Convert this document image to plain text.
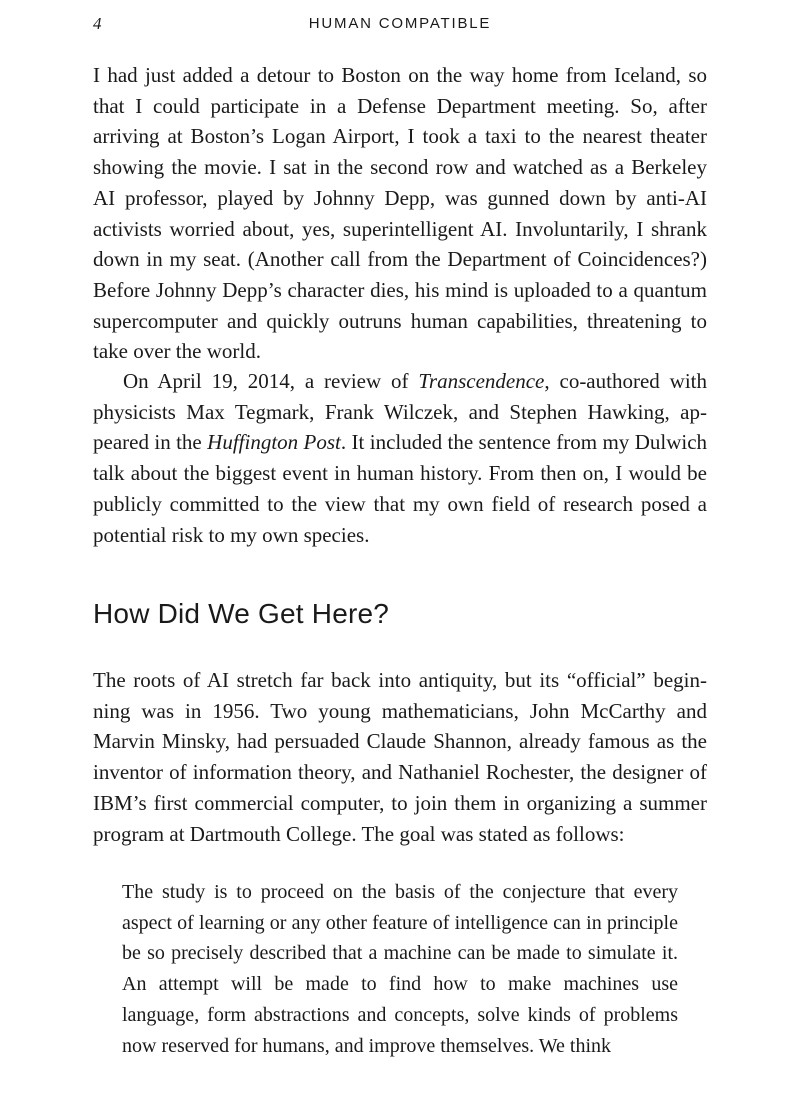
4	HUMAN COMPATIBLE

I had just added a detour to Boston on the way home from Iceland, so that I could participate in a Defense Department meeting. So, after arriving at Boston’s Logan Airport, I took a taxi to the nearest theater showing the movie. I sat in the second row and watched as a Berkeley AI professor, played by Johnny Depp, was gunned down by anti-AI activists worried about, yes, superintelligent AI. Involuntarily, I shrank down in my seat. (Another call from the Department of Coincidences?) Before Johnny Depp’s character dies, his mind is uploaded to a quantum supercomputer and quickly outruns human capabilities, threatening to take over the world.

On April 19, 2014, a review of Transcendence, co-authored with physicists Max Tegmark, Frank Wilczek, and Stephen Hawking, appeared in the Huffington Post. It included the sentence from my Dulwich talk about the biggest event in human history. From then on, I would be publicly committed to the view that my own field of research posed a potential risk to my own species.

How Did We Get Here?

The roots of AI stretch far back into antiquity, but its “official” beginning was in 1956. Two young mathematicians, John McCarthy and Marvin Minsky, had persuaded Claude Shannon, already famous as the inventor of information theory, and Nathaniel Rochester, the designer of IBM’s first commercial computer, to join them in organizing a summer program at Dartmouth College. The goal was stated as follows:

The study is to proceed on the basis of the conjecture that every aspect of learning or any other feature of intelligence can in principle be so precisely described that a machine can be made to simulate it. An attempt will be made to find how to make machines use language, form abstractions and concepts, solve kinds of problems now reserved for humans, and improve themselves. We think
